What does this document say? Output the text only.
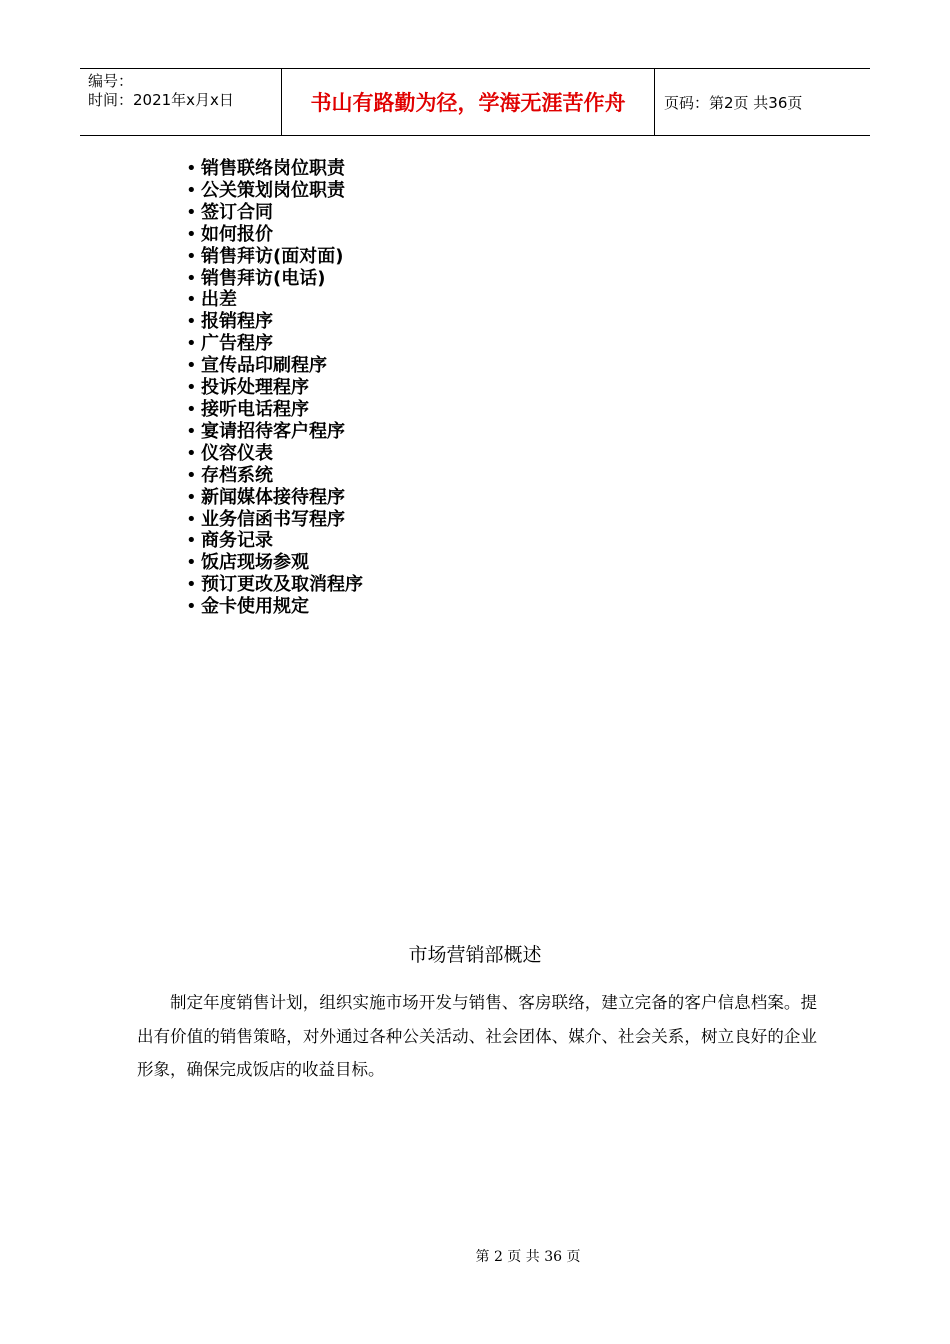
编号：
时间：2021年x月x日	书山有路勤为径，学海无涯苦作舟	页码：第2页 共36页
• 销售联络岗位职责
• 公关策划岗位职责
• 签订合同
• 如何报价
• 销售拜访(面对面)
• 销售拜访(电话)
• 出差
• 报销程序
• 广告程序
• 宣传品印刷程序
• 投诉处理程序
• 接听电话程序
• 宴请招待客户程序
• 仪容仪表
• 存档系统
• 新闻媒体接待程序
• 业务信函书写程序
• 商务记录
• 饭店现场参观
• 预订更改及取消程序
• 金卡使用规定
市场营销部概述

制定年度销售计划，组织实施市场开发与销售、客房联络，建立完备的客户信息档案。提出有价值的销售策略，对外通过各种公关活动、社会团体、媒介、社会关系，树立良好的企业形象，确保完成饭店的收益目标。

第 2 页 共 36 页
